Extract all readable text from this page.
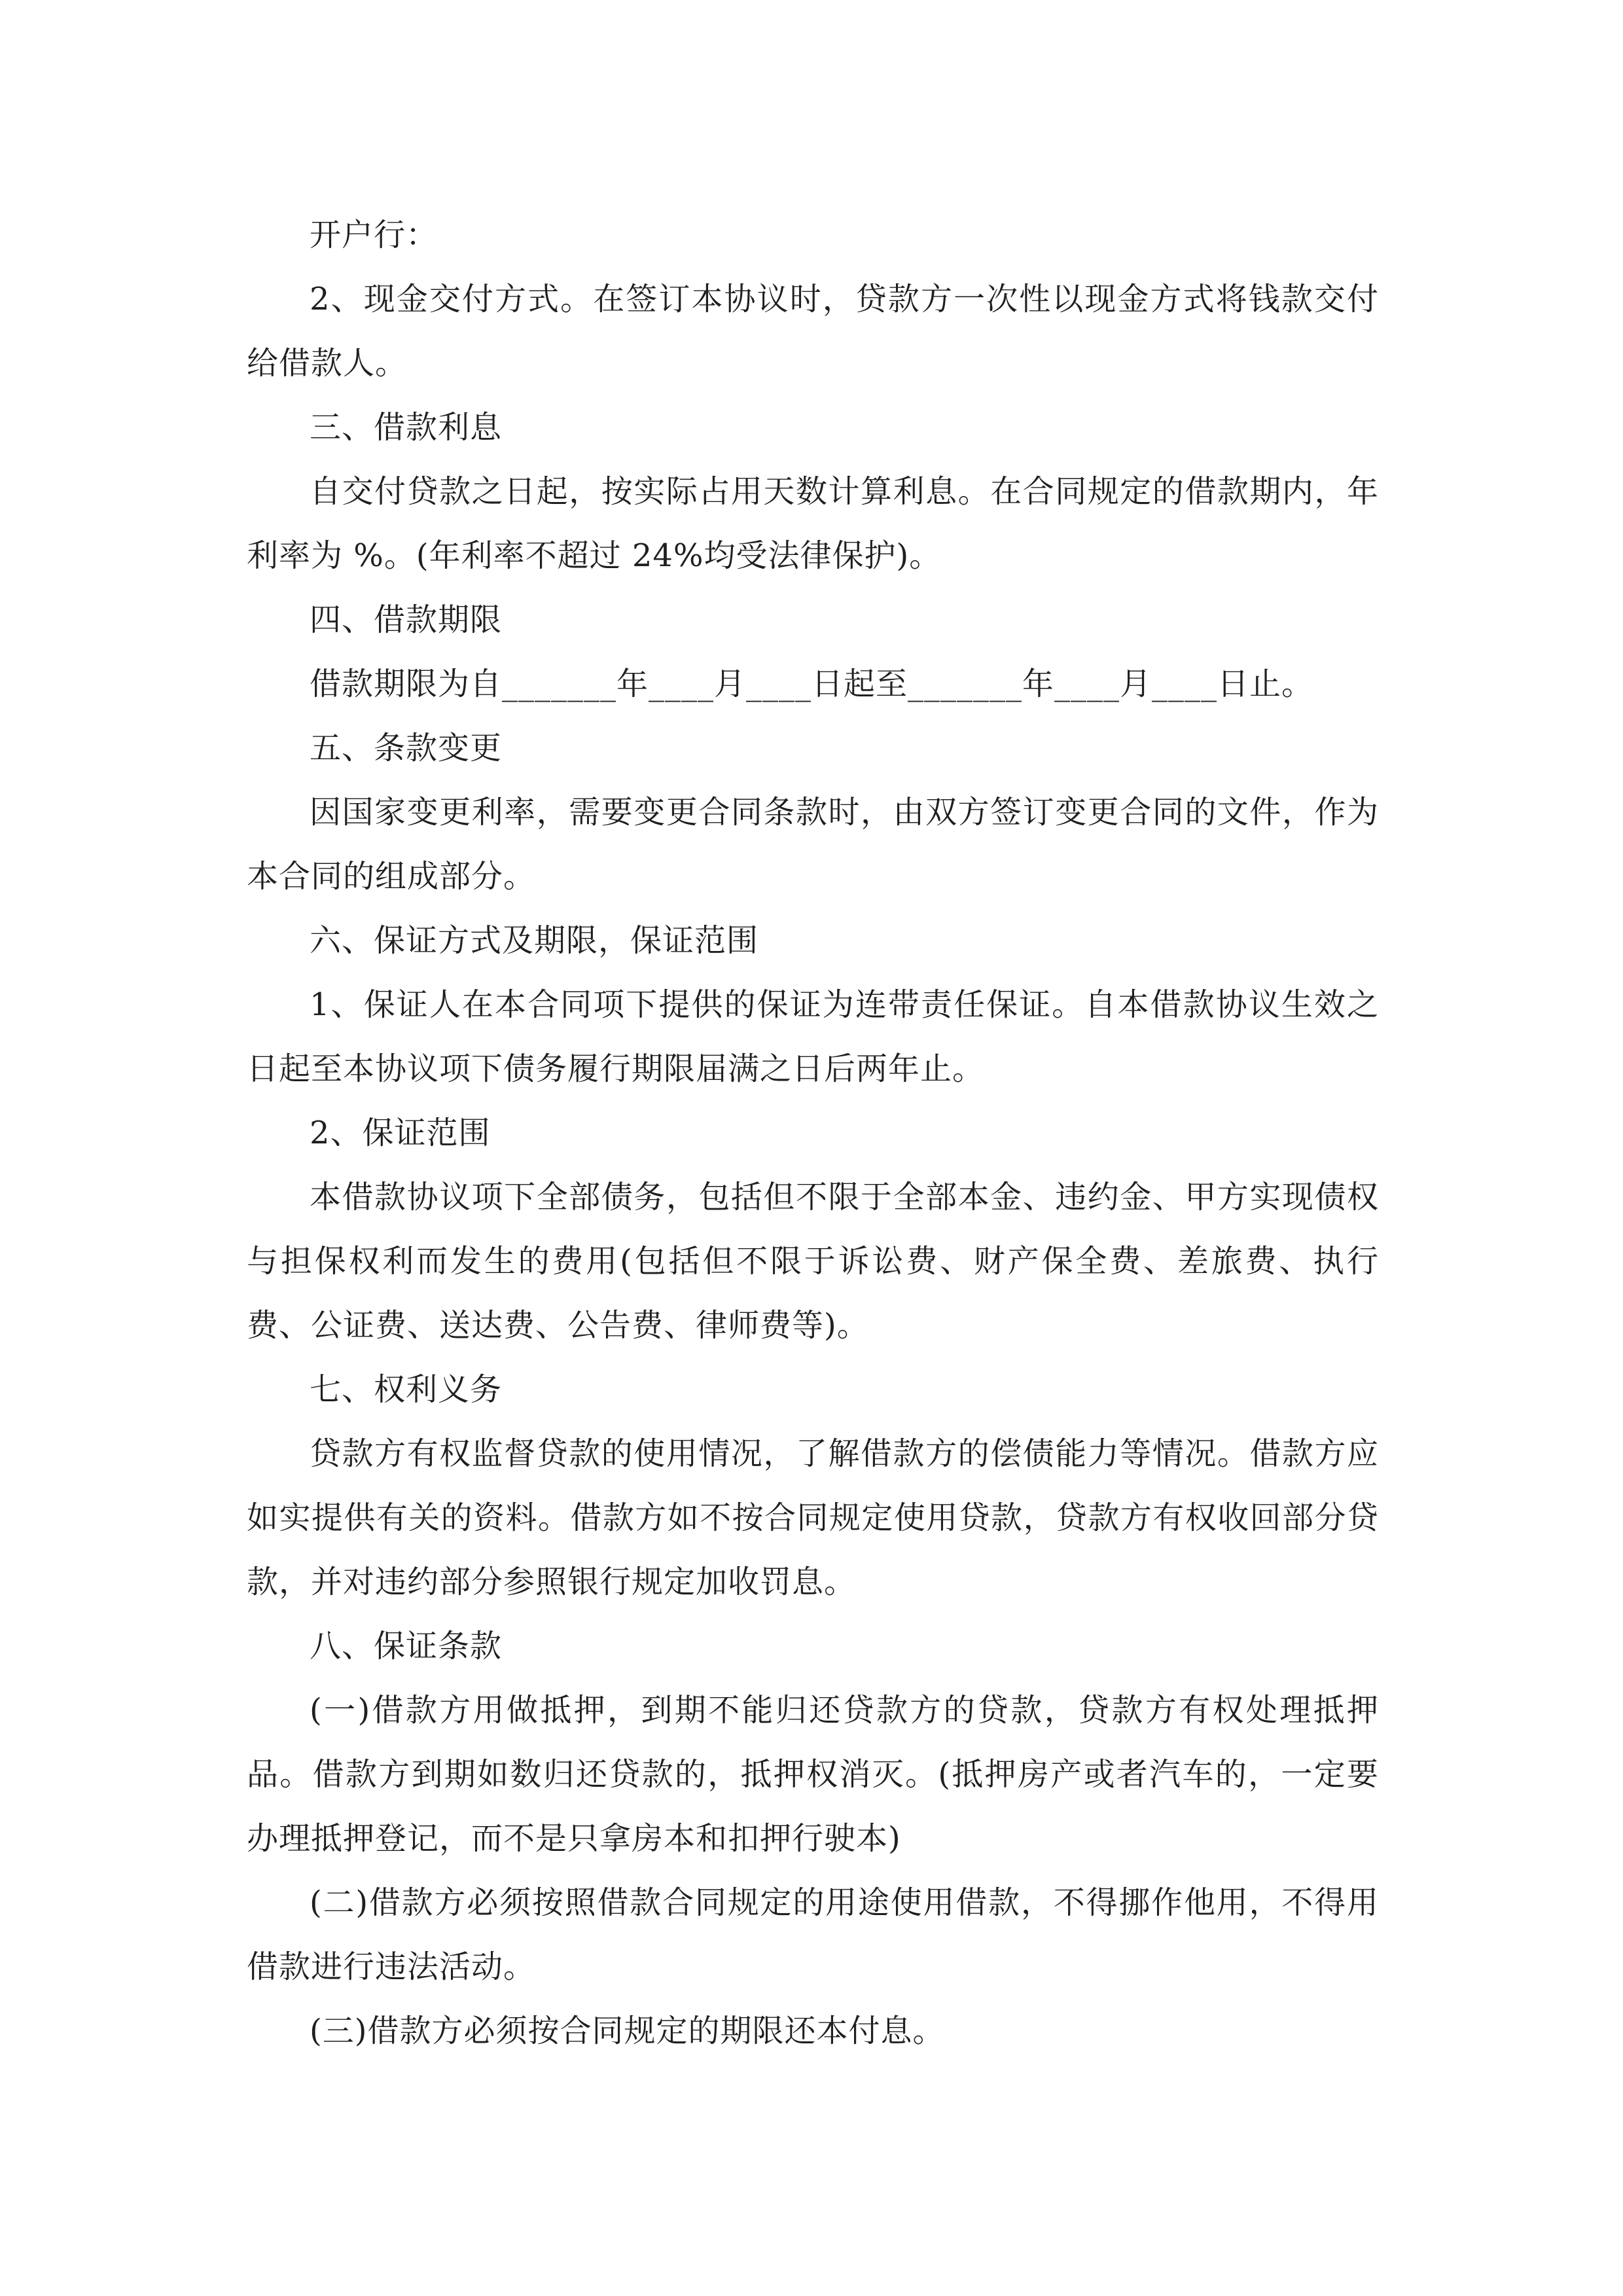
开户行：

2、现金交付方式。在签订本协议时，贷款方一次性以现金方式将钱款交付给借款人。

三、借款利息

自交付贷款之日起，按实际占用天数计算利息。在合同规定的借款期内，年利率为 %。(年利率不超过 24%均受法律保护)。

四、借款期限

借款期限为自_______年____月____日起至_______年____月____日止。

五、条款变更

因国家变更利率，需要变更合同条款时，由双方签订变更合同的文件，作为本合同的组成部分。

六、保证方式及期限，保证范围

1、保证人在本合同项下提供的保证为连带责任保证。自本借款协议生效之日起至本协议项下债务履行期限届满之日后两年止。

2、保证范围

本借款协议项下全部债务，包括但不限于全部本金、违约金、甲方实现债权与担保权利而发生的费用(包括但不限于诉讼费、财产保全费、差旅费、执行费、公证费、送达费、公告费、律师费等)。

七、权利义务

贷款方有权监督贷款的使用情况，了解借款方的偿债能力等情况。借款方应如实提供有关的资料。借款方如不按合同规定使用贷款，贷款方有权收回部分贷款，并对违约部分参照银行规定加收罚息。

八、保证条款

(一)借款方用做抵押，到期不能归还贷款方的贷款，贷款方有权处理抵押品。借款方到期如数归还贷款的，抵押权消灭。(抵押房产或者汽车的，一定要办理抵押登记，而不是只拿房本和扣押行驶本)

(二)借款方必须按照借款合同规定的用途使用借款，不得挪作他用，不得用借款进行违法活动。

(三)借款方必须按合同规定的期限还本付息。
